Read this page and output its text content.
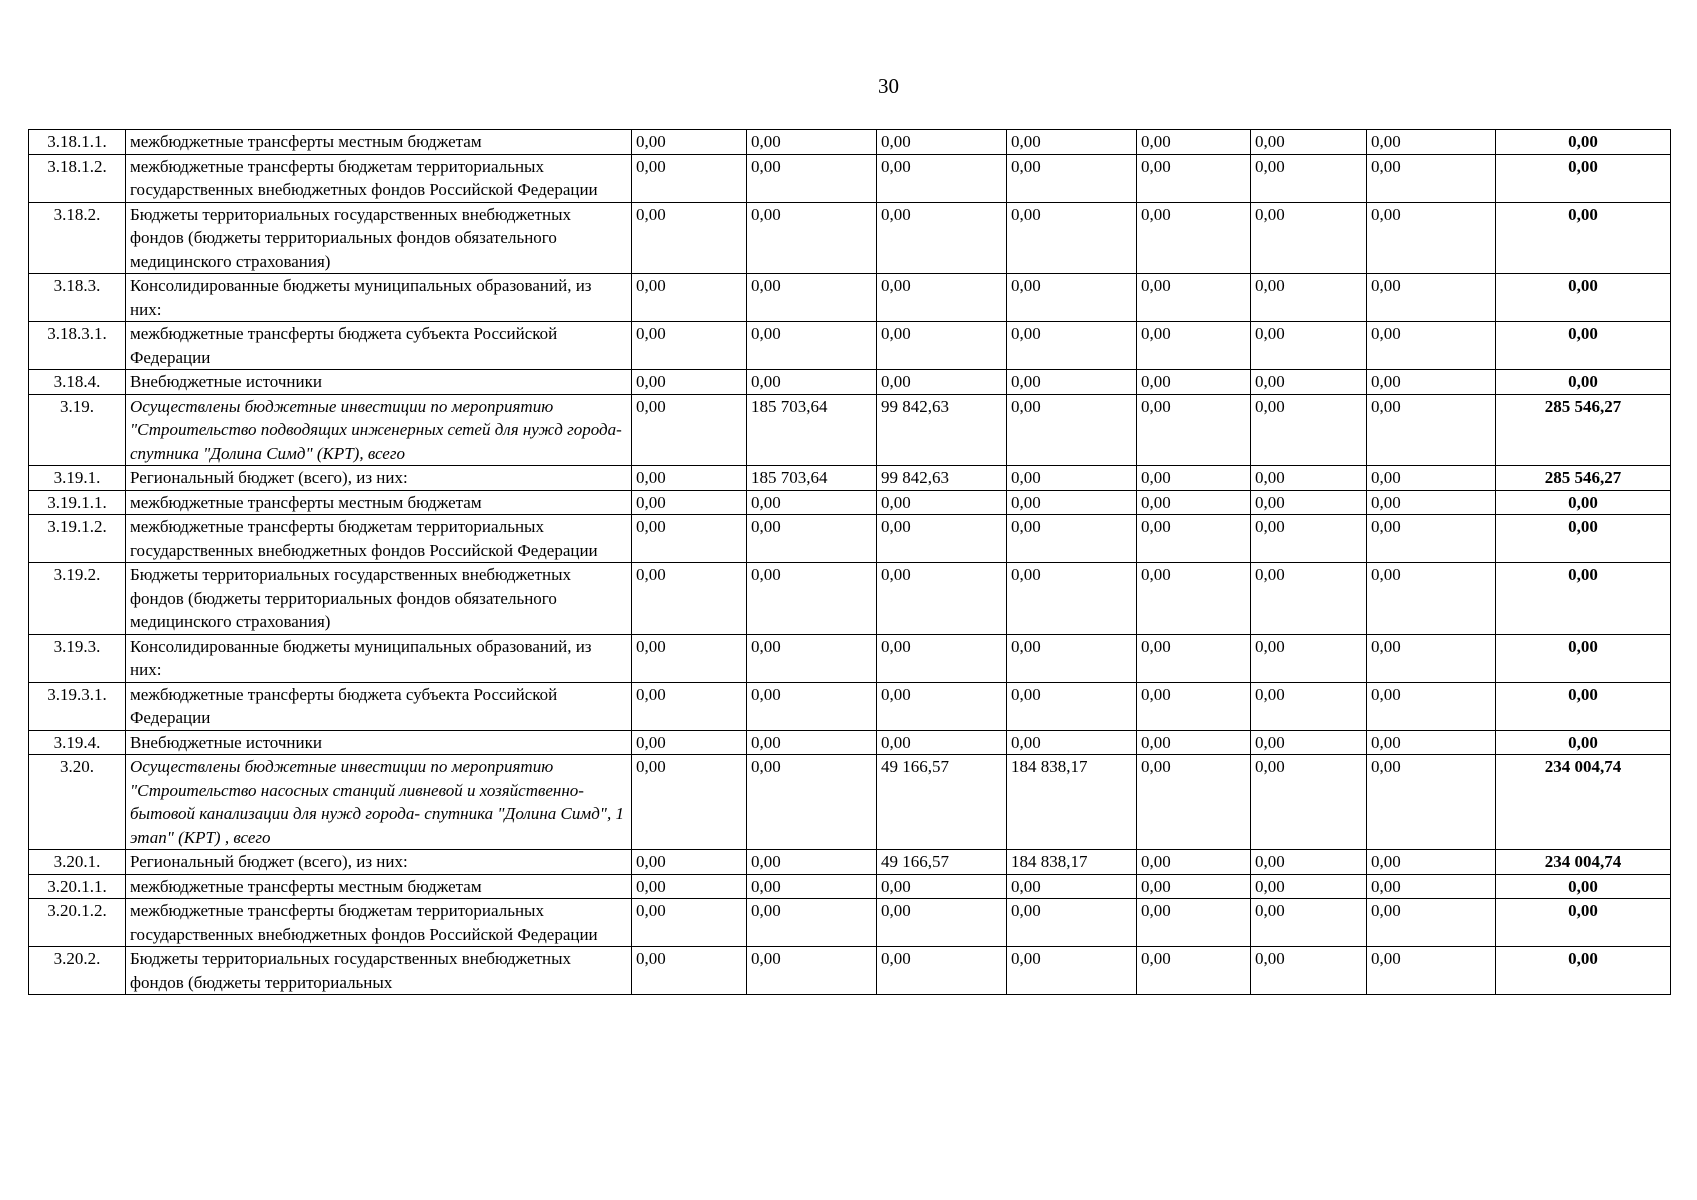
30
3.18.1.1.	межбюджетные трансферты местным бюджетам	0,00	0,00	0,00	0,00	0,00	0,00	0,00	0,00
3.18.1.2.	межбюджетные трансферты бюджетам территориальных государственных внебюджетных фондов Российской Федерации	0,00	0,00	0,00	0,00	0,00	0,00	0,00	0,00
3.18.2.	Бюджеты территориальных государственных внебюджетных фондов (бюджеты территориальных фондов обязательного медицинского страхования)	0,00	0,00	0,00	0,00	0,00	0,00	0,00	0,00
3.18.3.	Консолидированные бюджеты муниципальных образований, из них:	0,00	0,00	0,00	0,00	0,00	0,00	0,00	0,00
3.18.3.1.	межбюджетные трансферты бюджета субъекта Российской Федерации	0,00	0,00	0,00	0,00	0,00	0,00	0,00	0,00
3.18.4.	Внебюджетные источники	0,00	0,00	0,00	0,00	0,00	0,00	0,00	0,00
3.19.	Осуществлены бюджетные инвестиции по мероприятию "Строительство подводящих инженерных сетей для нужд города- спутника "Долина Симд" (КРТ), всего	0,00	185 703,64	99 842,63	0,00	0,00	0,00	0,00	285 546,27
3.19.1.	Региональный бюджет (всего), из них:	0,00	185 703,64	99 842,63	0,00	0,00	0,00	0,00	285 546,27
3.19.1.1.	межбюджетные трансферты местным бюджетам	0,00	0,00	0,00	0,00	0,00	0,00	0,00	0,00
3.19.1.2.	межбюджетные трансферты бюджетам территориальных государственных внебюджетных фондов Российской Федерации	0,00	0,00	0,00	0,00	0,00	0,00	0,00	0,00
3.19.2.	Бюджеты территориальных государственных внебюджетных фондов (бюджеты территориальных фондов обязательного медицинского страхования)	0,00	0,00	0,00	0,00	0,00	0,00	0,00	0,00
3.19.3.	Консолидированные бюджеты муниципальных образований, из них:	0,00	0,00	0,00	0,00	0,00	0,00	0,00	0,00
3.19.3.1.	межбюджетные трансферты бюджета субъекта Российской Федерации	0,00	0,00	0,00	0,00	0,00	0,00	0,00	0,00
3.19.4.	Внебюджетные источники	0,00	0,00	0,00	0,00	0,00	0,00	0,00	0,00
3.20.	Осуществлены бюджетные инвестиции по мероприятию "Строительство насосных станций ливневой и хозяйственно-бытовой канализации для нужд города- спутника "Долина Симд", 1 этап" (КРТ) , всего	0,00	0,00	49 166,57	184 838,17	0,00	0,00	0,00	234 004,74
3.20.1.	Региональный бюджет (всего), из них:	0,00	0,00	49 166,57	184 838,17	0,00	0,00	0,00	234 004,74
3.20.1.1.	межбюджетные трансферты местным бюджетам	0,00	0,00	0,00	0,00	0,00	0,00	0,00	0,00
3.20.1.2.	межбюджетные трансферты бюджетам территориальных государственных внебюджетных фондов Российской Федерации	0,00	0,00	0,00	0,00	0,00	0,00	0,00	0,00
3.20.2.	Бюджеты территориальных государственных внебюджетных фондов (бюджеты территориальных	0,00	0,00	0,00	0,00	0,00	0,00	0,00	0,00
